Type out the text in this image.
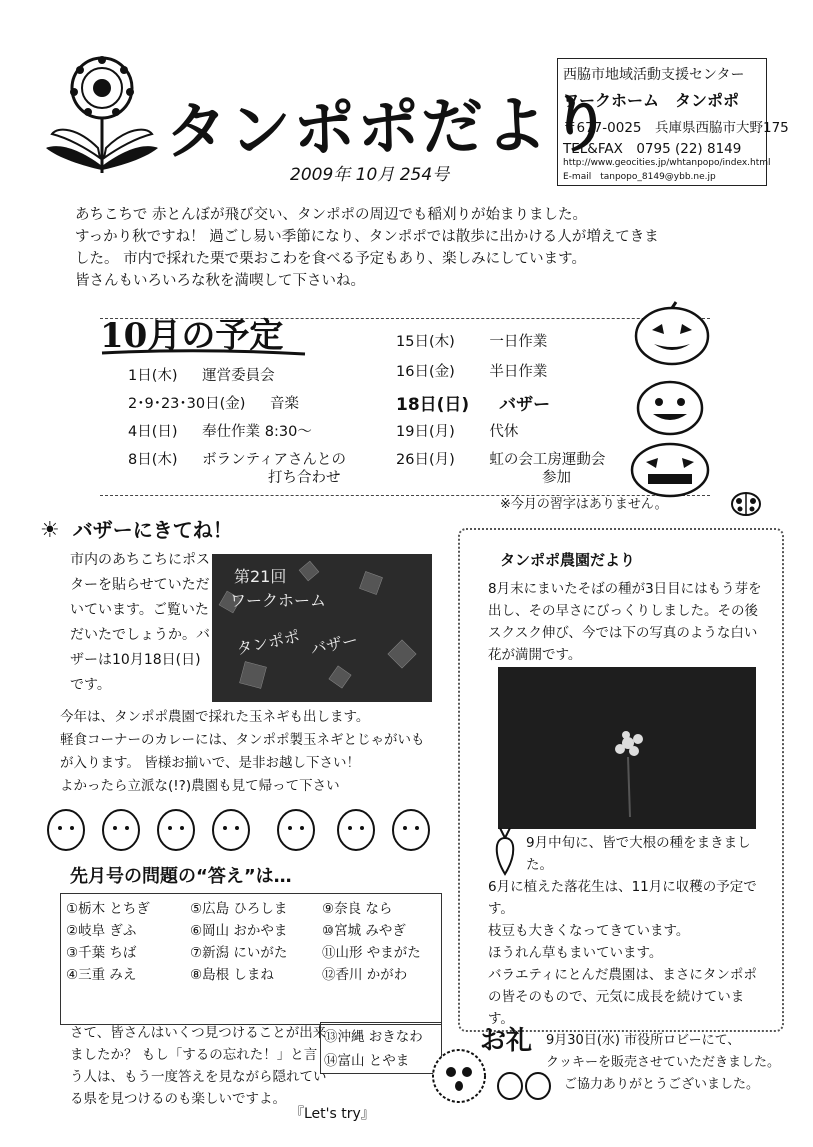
タンポポだより
2009年 10月 254号
西脇市地域活動支援センター
ワークホーム　タンポポ
〒677-0025　兵庫県西脇市大野175
TEL&FAX　0795 (22) 8149
http://www.geocities.jp/whtanpopo/index.html
E-mail　tanpopo_8149@ybb.ne.jp
あちこちで 赤とんぼが飛び交い、タンポポの周辺でも稲刈りが始まりました。
すっかり秋ですね！ 過ごし易い季節になり、タンポポでは散歩に出かける人が増えてきま
した。 市内で採れた栗で栗おこわを食べる予定もあり、楽しみにしています。
皆さんもいろいろな秋を満喫して下さいね。
10月の予定
1日(木) 運営委員会
2･9･23･30日(金) 音楽
4日(日) 奉仕作業 8:30～
8日(木) ボランティアさんとの
打ち合わせ
15日(木) 一日作業
16日(金) 半日作業
18日(日) バザー
19日(月) 代休
26日(月) 虹の会工房運動会
参加
※今月の習字はありません。
☀ バザーにきてね！
市内のあちこちにポスターを貼らせていただいています。ご覧いただいたでしょうか。バザーは10月18日(日)です。
第21回
ワークホーム
タンポポ バザー
今年は、タンポポ農園で採れた玉ネギも出します。
軽食コーナーのカレーには、タンポポ製玉ネギとじゃがいも
が入ります。 皆様お揃いで、是非お越し下さい！
よかったら立派な(!?)農園も見て帰って下さい
先月号の問題の“答え”は…
①栃木 とちぎ
②岐阜 ぎふ
③千葉 ちば
④三重 みえ
⑤広島 ひろしま
⑥岡山 おかやま
⑦新潟 にいがた
⑧島根 しまね
⑨奈良 なら
⑩宮城 みやぎ
⑪山形 やまがた
⑫香川 かがわ
⑬沖縄 おきなわ
⑭富山 とやま
さて、皆さんはいくつ見つけることが出来ましたか？ もし「するの忘れた！」と言う人は、もう一度答えを見ながら隠れている県を見つけるのも楽しいですよ。
『Let's try』
タンポポ農園だより
8月末にまいたそばの種が3日目にはもう芽を出し、その早さにびっくりしました。その後スクスク伸び、今では下の写真のような白い花が満開です。
9月中旬に、皆で大根の種をまきました。
6月に植えた落花生は、11月に収穫の予定です。
枝豆も大きくなってきています。
ほうれん草もまいています。
バラエティにとんだ農園は、まさにタンポポの皆そのもので、元気に成長を続けています。
お礼 9月30日(水) 市役所ロビーにて、
クッキーを販売させていただきました。
ご協力ありがとうございました。
